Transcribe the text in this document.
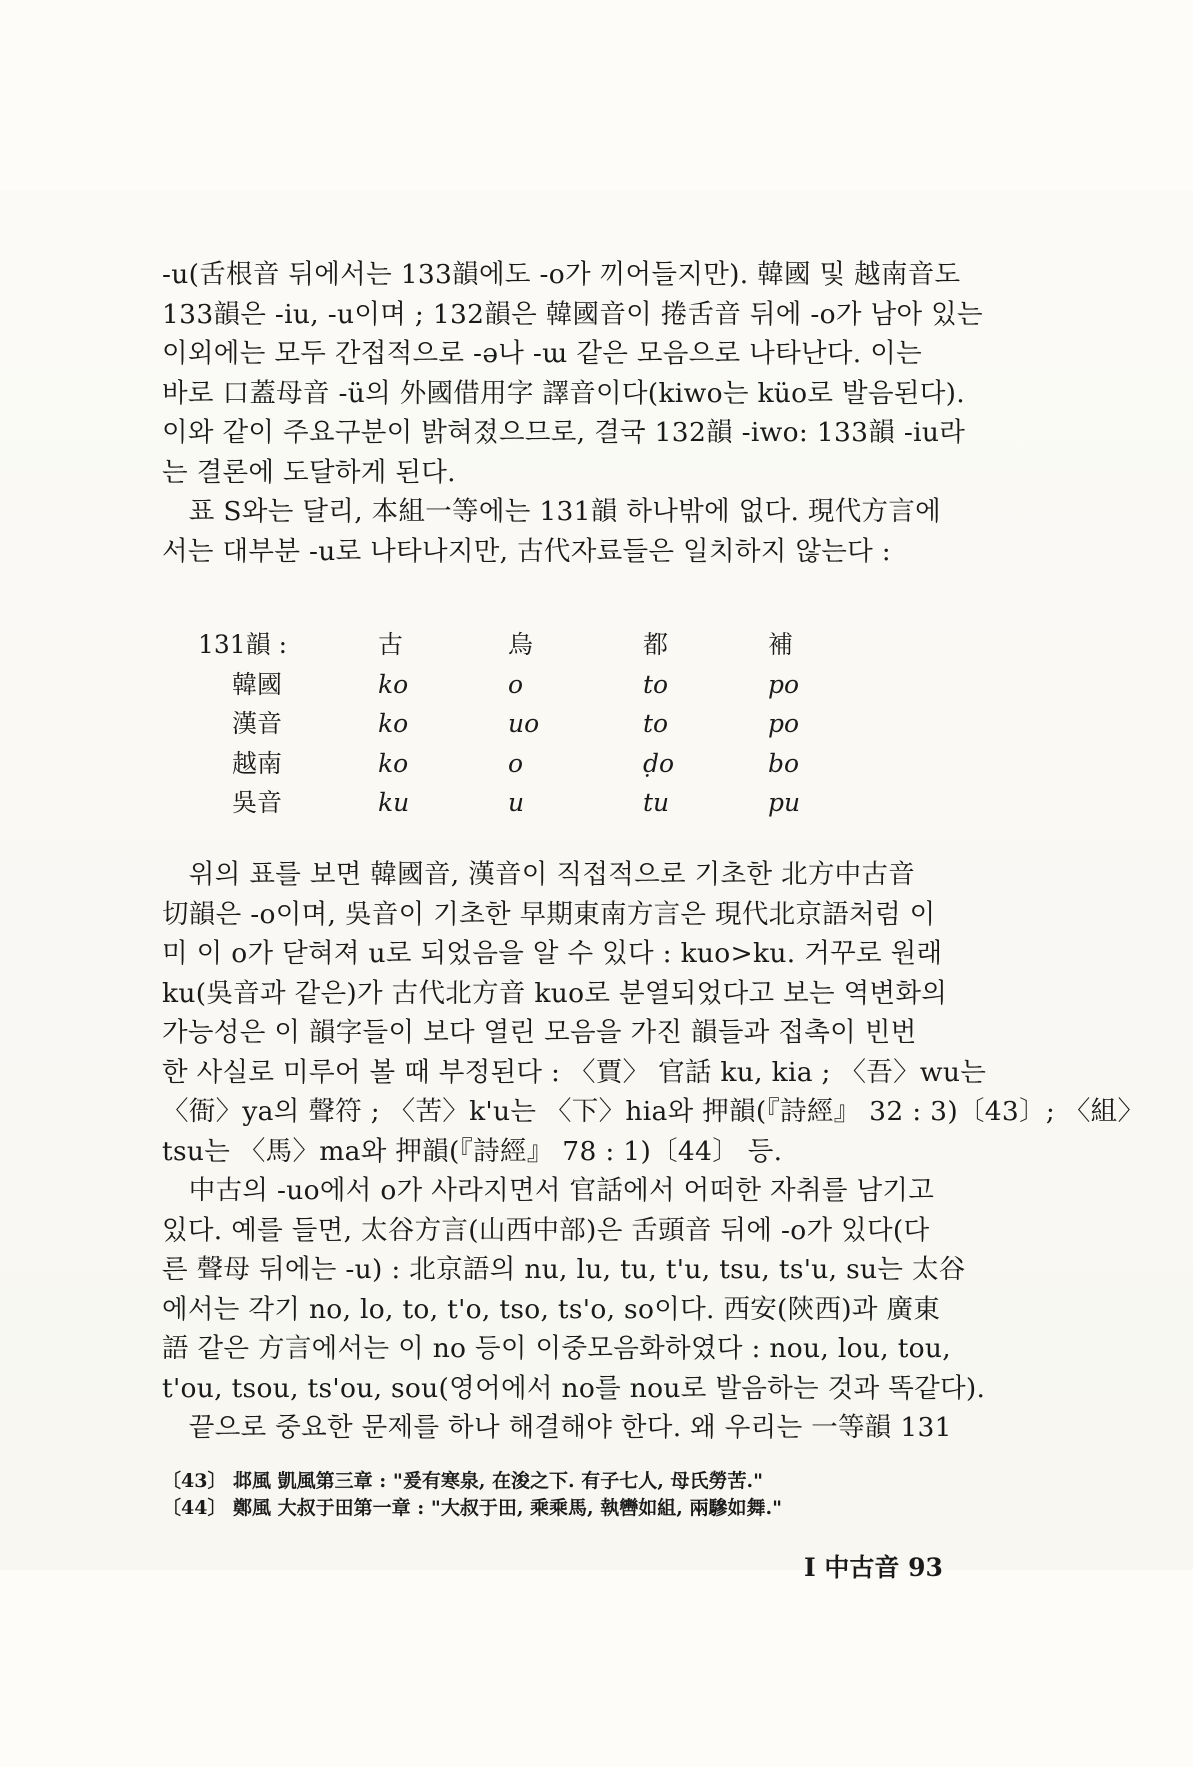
-u(舌根音 뒤에서는 133韻에도 -o가 끼어들지만). 韓國 및 越南音도

133韻은 -iu, -u이며 ; 132韻은 韓國音이 捲舌音 뒤에 -o가 남아 있는

이외에는 모두 간접적으로 -ə나 -ɯ 같은 모음으로 나타난다. 이는

바로 口蓋母音 -ü의 外國借用字 譯音이다(kiwo는 küo로 발음된다).

이와 같이 주요구분이 밝혀졌으므로, 결국 132韻 -iwo: 133韻 -iu라

는 결론에 도달하게 된다.

　표 S와는 달리, 本組一等에는 131韻 하나밖에 없다. 現代方言에

서는 대부분 -u로 나타나지만, 古代자료들은 일치하지 않는다 :

131韻 :	古	烏	都	補
韓國	ko	o	to	po
漢音	ko	uo	to	po
越南	ko	o	ḍo	bo
吳音	ku	u	tu	pu

　위의 표를 보면 韓國音, 漢音이 직접적으로 기초한 北方中古音

切韻은 -o이며, 吳音이 기초한 早期東南方言은 現代北京語처럼 이

미 이 o가 닫혀져 u로 되었음을 알 수 있다 : kuo>ku. 거꾸로 원래

ku(吳音과 같은)가 古代北方音 kuo로 분열되었다고 보는 역변화의

가능성은 이 韻字들이 보다 열린 모음을 가진 韻들과 접촉이 빈번

한 사실로 미루어 볼 때 부정된다 : 〈賈〉 官話 ku, kia ; 〈吾〉wu는

〈衙〉ya의 聲符 ; 〈苦〉k'u는 〈下〉hia와 押韻(『詩經』 32 : 3)〔43〕; 〈組〉

tsu는 〈馬〉ma와 押韻(『詩經』 78 : 1)〔44〕 등.

　中古의 -uo에서 o가 사라지면서 官話에서 어떠한 자취를 남기고

있다. 예를 들면, 太谷方言(山西中部)은 舌頭音 뒤에 -o가 있다(다

른 聲母 뒤에는 -u) : 北京語의 nu, lu, tu, t'u, tsu, ts'u, su는 太谷

에서는 각기 no, lo, to, t'o, tso, ts'o, so이다. 西安(陝西)과 廣東

語 같은 方言에서는 이 no 등이 이중모음화하였다 : nou, lou, tou,

t'ou, tsou, ts'ou, sou(영어에서 no를 nou로 발음하는 것과 똑같다).

　끝으로 중요한 문제를 하나 해결해야 한다. 왜 우리는 一等韻 131

〔43〕 邶風 凱風第三章 : "爰有寒泉, 在浚之下. 有子七人, 母氏勞苦."

〔44〕 鄭風 大叔于田第一章 : "大叔于田, 乘乘馬, 執轡如組, 兩驂如舞."

I 中古音 93
